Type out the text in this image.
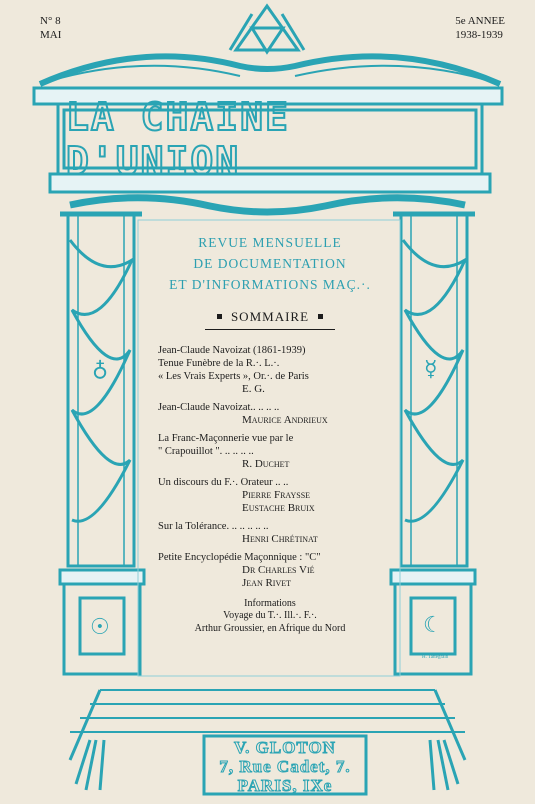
N° 8
MAI
5e ANNEE
1938-1939
LA CHAINE D'UNION
♁	☿
☉	☾
REVUE MENSUELLE
DE DOCUMENTATION
ET D'INFORMATIONS MAÇ.·.
SOMMAIRE
Jean-Claude Navoizat (1861-1939)
Tenue Funèbre de la R.·. L.·.
« Les Vrais Experts », Or.·. de Paris
E. G.
Jean-Claude Navoizat.. .. .. ..
Maurice Andrieux
La Franc-Maçonnerie vue par le
" Crapouillot ". .. .. .. ..
R. Duchet
Un discours du F.·. Orateur .. ..
Pierre Fraysse
Eustache Bruix
Sur la Tolérance. .. .. .. .. ..
Henri Chrétinat
Petite Encyclopédie Maçonnique : "C"
Dr Charles Vié
Jean Rivet
Informations
Voyage du T.·. Ill.·. F.·.
Arthur Groussier, en Afrique du Nord
H. Tattegrain
V. GLOTON
7, Rue Cadet, 7.
PARIS, IXe
